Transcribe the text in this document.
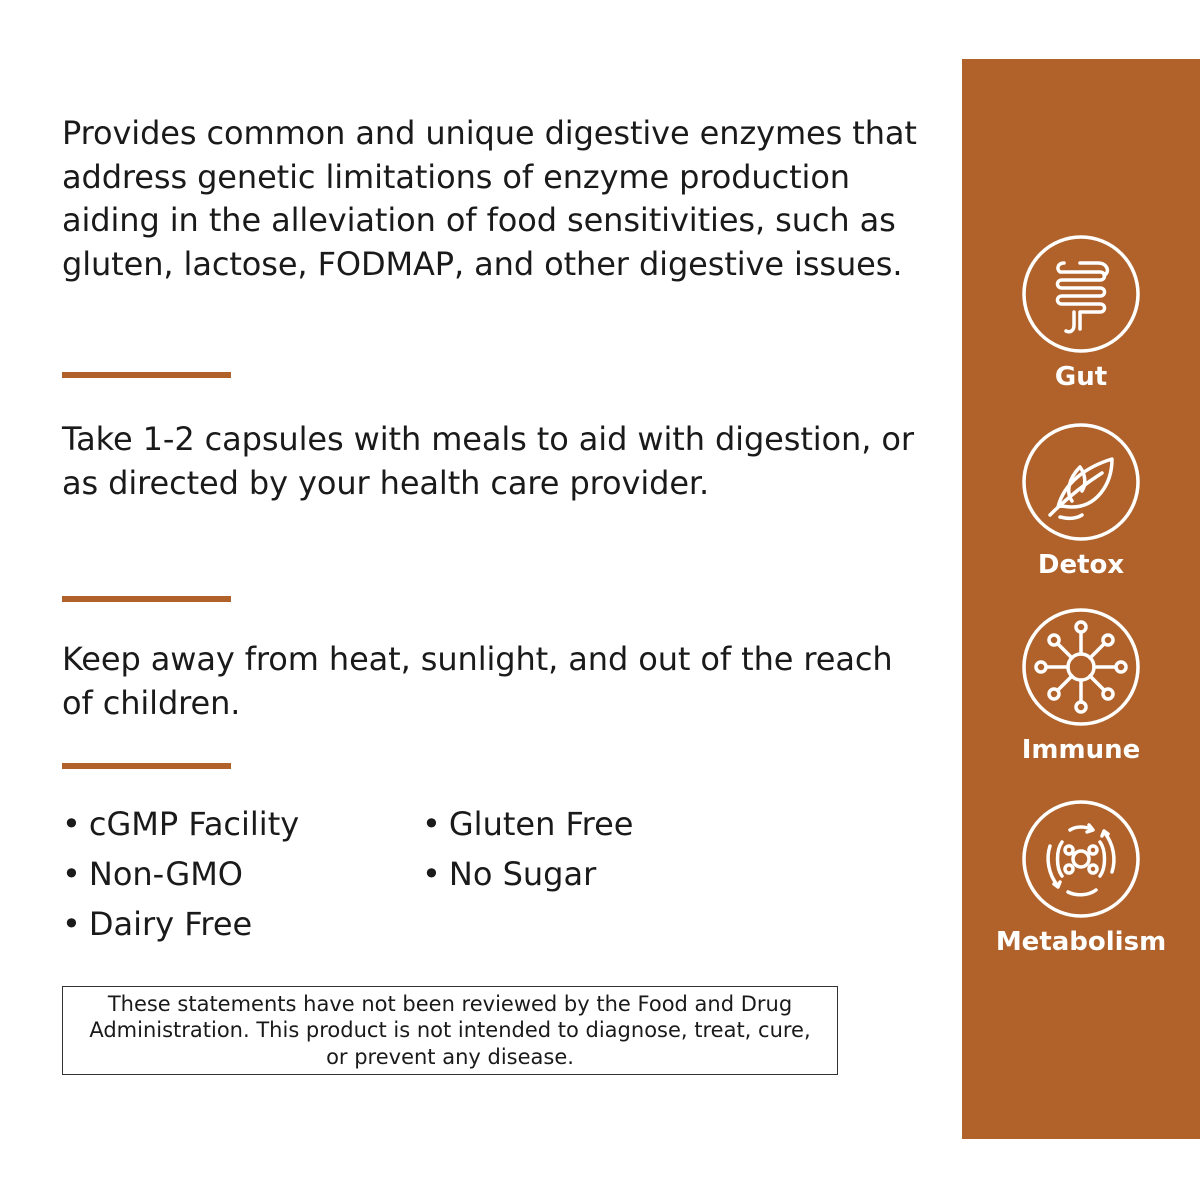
Provides common and unique digestive enzymes that address genetic limitations of enzyme production aiding in the alleviation of food sensitivities, such as gluten, lactose, FODMAP, and other digestive issues.

Take 1-2 capsules with meals to aid with digestion, or as directed by your health care provider.

Keep away from heat, sunlight, and out of the reach of children.

• cGMP Facility
• Non-GMO
• Dairy Free
• Gluten Free
• No Sugar
These statements have not been reviewed by the Food and Drug Administration. This product is not intended to diagnose, treat, cure, or prevent any disease.
Gut
Detox
Immune
Metabolism
